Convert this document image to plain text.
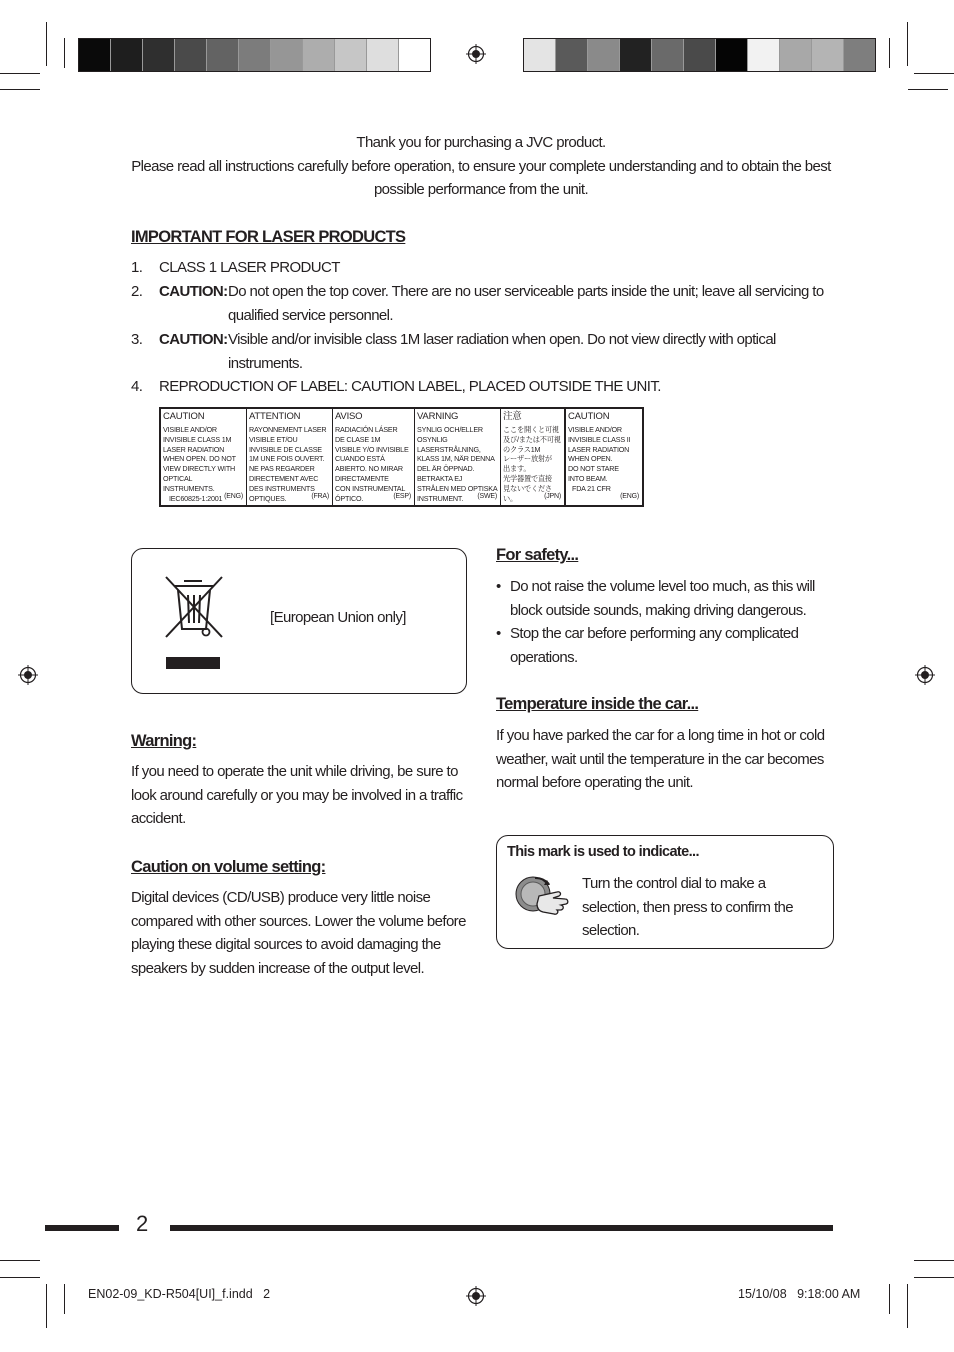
Thank you for purchasing a JVC product.
Please read all instructions carefully before operation, to ensure your complete understanding and to obtain the best
possible performance from the unit.
IMPORTANT FOR LASER PRODUCTS
1. CLASS 1 LASER PRODUCT
2. CAUTION: Do not open the top cover. There are no user serviceable parts inside the unit; leave all servicing to
qualified service personnel.
3. CAUTION: Visible and/or invisible class 1M laser radiation when open. Do not view directly with optical
instruments.
4. REPRODUCTION OF LABEL: CAUTION LABEL, PLACED OUTSIDE THE UNIT.
CAUTION
VISIBLE AND/OR
INVISIBLE CLASS 1M
LASER RADIATION
WHEN OPEN. DO NOT
VIEW DIRECTLY WITH
OPTICAL INSTRUMENTS.
IEC60825-1:2001 (ENG)
ATTENTION
RAYONNEMENT LASER
VISIBLE ET/OU
INVISIBLE DE CLASSE
1M UNE FOIS OUVERT.
NE PAS REGARDER
DIRECTEMENT AVEC
DES INSTRUMENTS
OPTIQUES.	(FRA)
AVISO
RADIACIÓN LÁSER
DE CLASE 1M
VISIBLE Y/O INVISIBLE
CUANDO ESTÁ
ABIERTO. NO MIRAR
DIRECTAMENTE
CON INSTRUMENTAL
ÓPTICO.	(ESP)
VARNING
SYNLIG OCH/ELLER
OSYNLIG
LASERSTRÅLNING,
KLASS 1M, NÄR DENNA
DEL ÄR ÖPPNAD.
BETRAKTA EJ
STRÅLEN MED OPTISKA
INSTRUMENT.	(SWE)
注意
ここを開くと可視
及び/または不可視
のクラス1M
レーザー放射が
出ます。
光学器置で直接
見ないでください。	(JPN)
CAUTION
VISIBLE AND/OR
INVISIBLE CLASS II
LASER RADIATION
WHEN OPEN.
DO NOT STARE
INTO BEAM.
FDA 21 CFR
(ENG)
[European Union only]
Warning:
If you need to operate the unit while driving, be sure to
look around carefully or you may be involved in a traffic
accident.
Caution on volume setting:
Digital devices (CD/USB) produce very little noise
compared with other sources. Lower the volume before
playing these digital sources to avoid damaging the
speakers by sudden increase of the output level.
For safety...
• Do not raise the volume level too much, as this will
block outside sounds, making driving dangerous.
• Stop the car before performing any complicated
operations.
Temperature inside the car...
If you have parked the car for a long time in hot or cold
weather, wait until the temperature in the car becomes
normal before operating the unit.
This mark is used to indicate...
Turn the control dial to make a
selection, then press to confirm the
selection.
2
EN02-09_KD-R504[UI]_f.indd   2	15/10/08   9:18:00 AM
